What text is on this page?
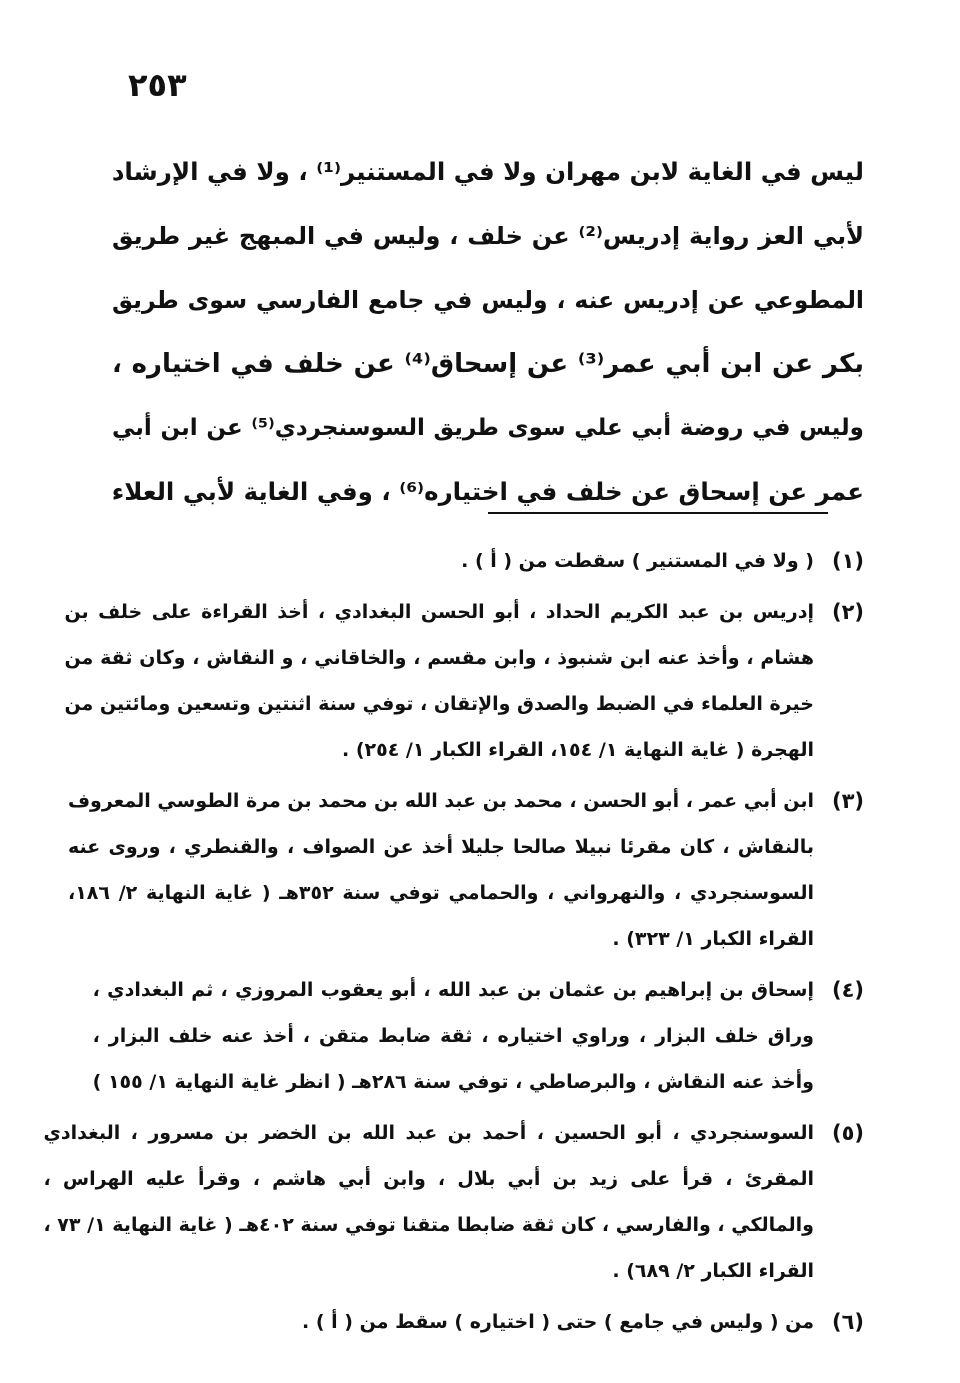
٢٥٣
ليس في الغاية لابن مهران ولا في المستنير⁽¹⁾ ، ولا في الإرشاد
لأبي العز رواية إدريس⁽²⁾ عن خلف ، وليس في المبهج غير طريق
المطوعي عن إدريس عنه ، وليس في جامع الفارسي سوى طريق
بكر عن ابن أبي عمر⁽³⁾ عن إسحاق⁽⁴⁾ عن خلف في اختياره ،
وليس في روضة أبي علي سوى طريق السوسنجردي⁽⁵⁾ عن ابن أبي
عمر عن إسحاق عن خلف في اختياره⁽⁶⁾ ، وفي الغاية لأبي العلاء
(١)
( ولا في المستنير ) سقطت من ( أ ) .
(٢)
إدريس بن عبد الكريم الحداد ، أبو الحسن البغدادي ، أخذ القراءة على خلف بن
هشام ، وأخذ عنه ابن شنبوذ ، وابن مقسم ، والخاقاني ، و النقاش ، وكان ثقة من
خيرة العلماء في الضبط والصدق والإتقان ، توفي سنة اثنتين وتسعين ومائتين من
الهجرة ( غاية النهاية ١/ ١٥٤، القراء الكبار ١/ ٢٥٤) .
(٣)
ابن أبي عمر ، أبو الحسن ، محمد بن عبد الله بن محمد بن مرة الطوسي المعروف
بالنقاش ، كان مقرئا نبيلا صالحا جليلا أخذ عن الصواف ، والقنطري ، وروى عنه
السوسنجردي ، والنهرواني ، والحمامي توفي سنة ٣٥٢هـ ( غاية النهاية ٢/ ١٨٦،
القراء الكبار ١/ ٣٢٣) .
(٤)
إسحاق بن إبراهيم بن عثمان بن عبد الله ، أبو يعقوب المروزي ، ثم البغدادي ،
وراق خلف البزار ، وراوي اختياره ، ثقة ضابط متقن ، أخذ عنه خلف البزار ،
وأخذ عنه النقاش ، والبرصاطي ، توفي سنة ٢٨٦هـ ( انظر غاية النهاية ١/ ١٥٥ )
(٥)
السوسنجردي ، أبو الحسين ، أحمد بن عبد الله بن الخضر بن مسرور ، البغدادي
المقرئ ، قرأ على زيد بن أبي بلال ، وابن أبي هاشم ، وقرأ عليه الهراس ،
والمالكي ، والفارسي ، كان ثقة ضابطا متقنا توفي سنة ٤٠٢هـ ( غاية النهاية ١/ ٧٣ ،
القراء الكبار ٢/ ٦٨٩) .
(٦)
من ( وليس في جامع ) حتى ( اختياره ) سقط من ( أ ) .
